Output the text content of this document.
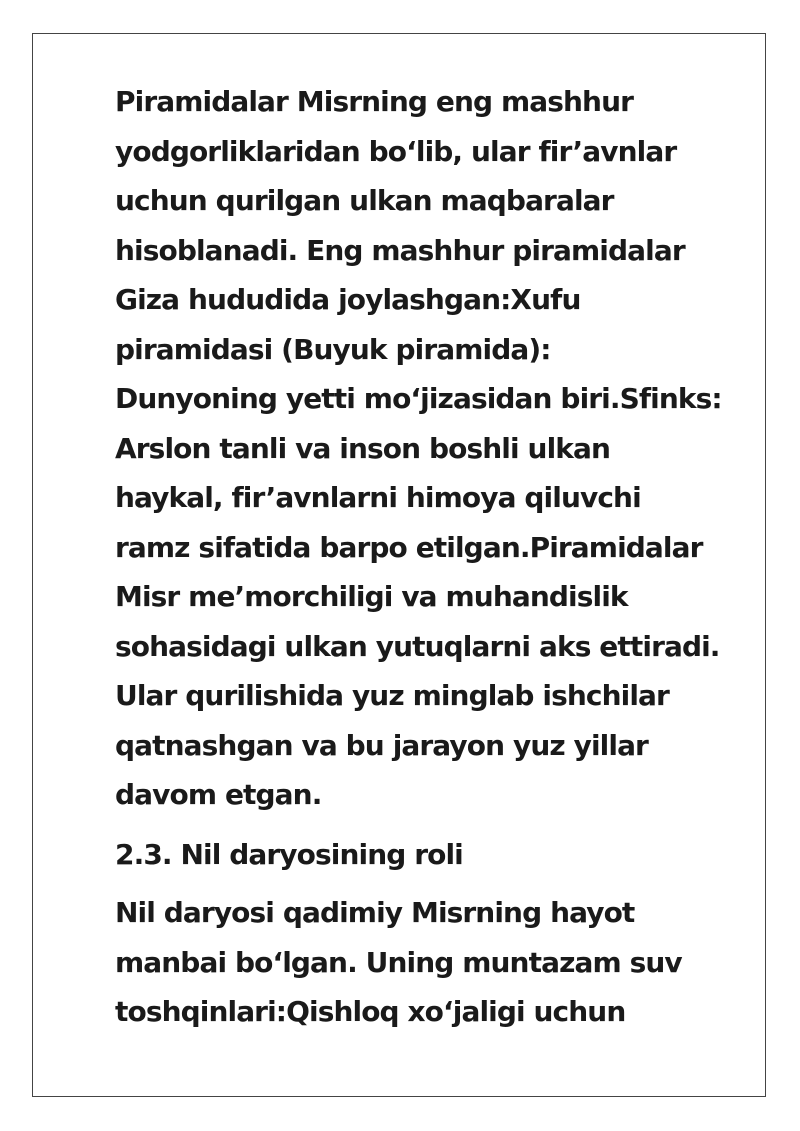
Piramidalar Misrning eng mashhur
yodgorliklaridan bo‘lib, ular fir’avnlar
uchun qurilgan ulkan maqbaralar
hisoblanadi. Eng mashhur piramidalar
Giza hududida joylashgan:Xufu
piramidasi (Buyuk piramida):
Dunyoning yetti mo‘jizasidan biri.Sfinks:
Arslon tanli va inson boshli ulkan
haykal, fir’avnlarni himoya qiluvchi
ramz sifatida barpo etilgan.Piramidalar
Misr me’morchiligi va muhandislik
sohasidagi ulkan yutuqlarni aks ettiradi.
Ular qurilishida yuz minglab ishchilar
qatnashgan va bu jarayon yuz yillar
davom etgan.
2.3. Nil daryosining roli
Nil daryosi qadimiy Misrning hayot
manbai bo‘lgan. Uning muntazam suv
toshqinlari:Qishloq xo‘jaligi uchun
